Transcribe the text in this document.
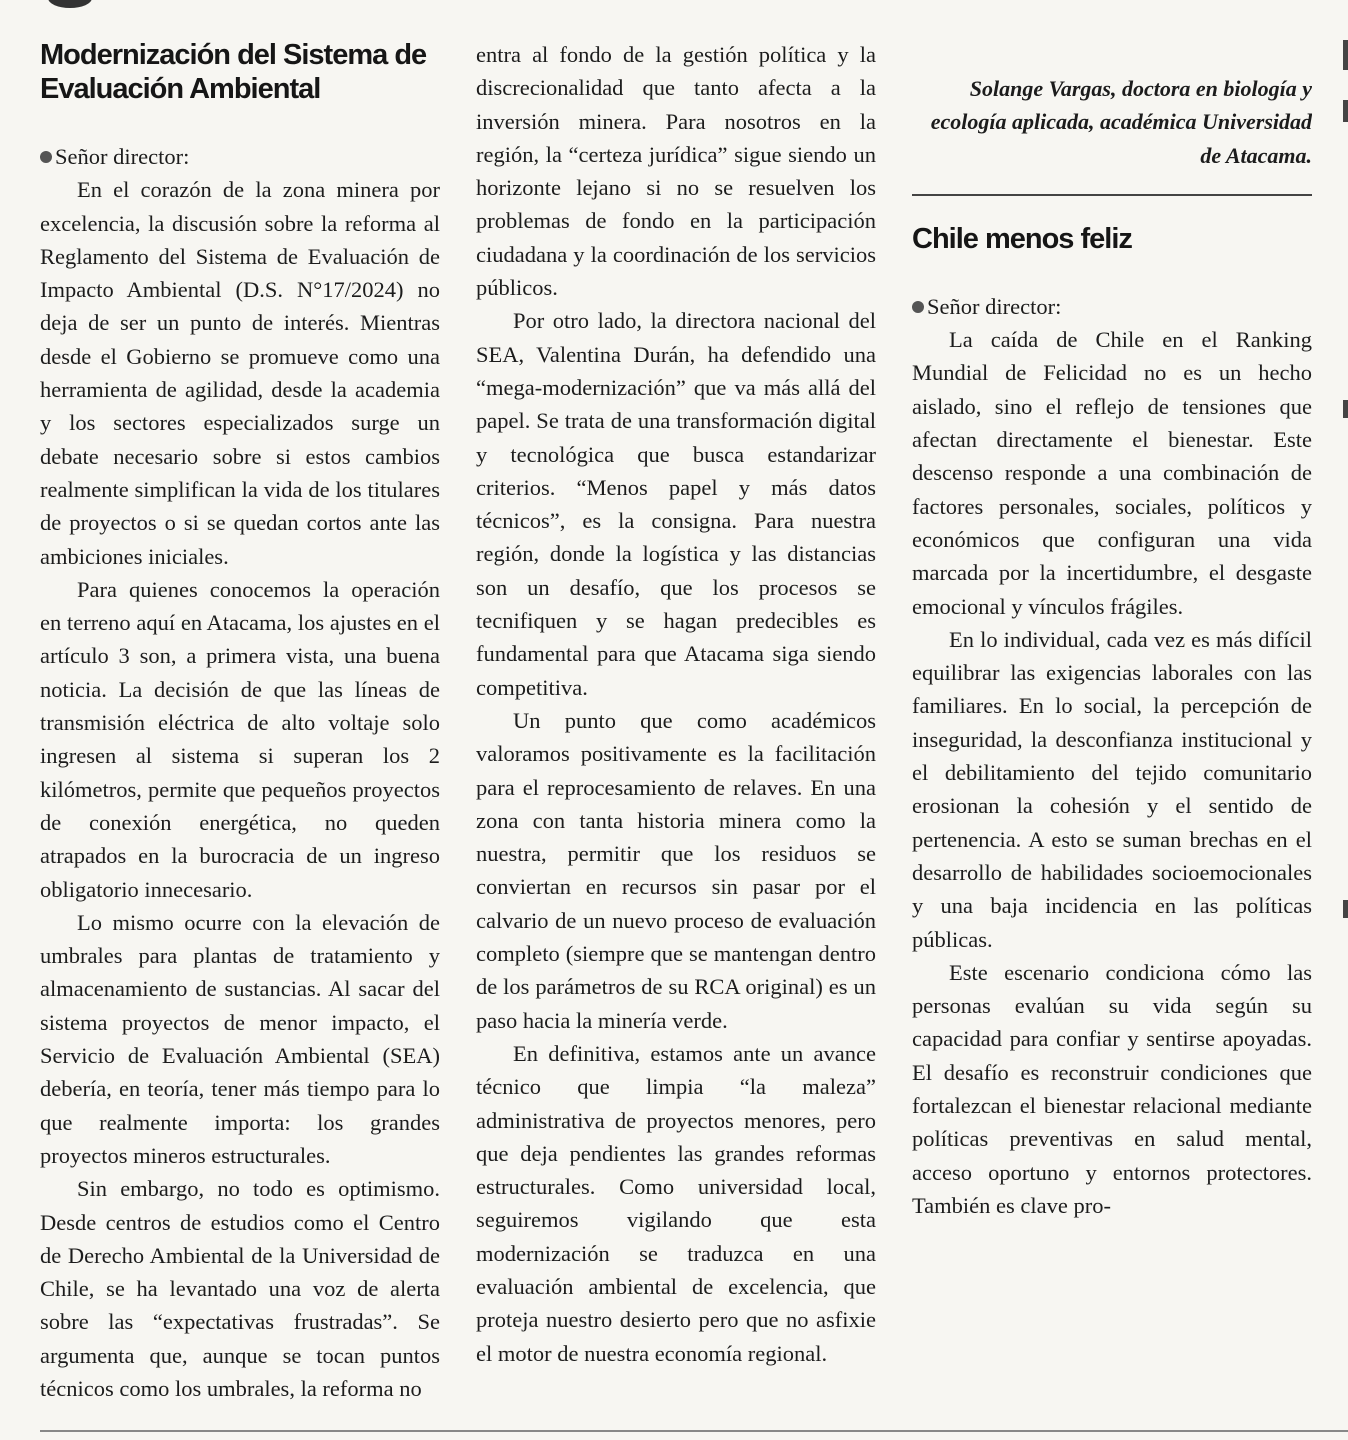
Modernización del Sistema de Evaluación Ambiental

Señor director:

En el corazón de la zona minera por excelencia, la discusión sobre la reforma al Reglamento del Sistema de Evaluación de Impacto Ambiental (D.S. N°17/2024) no deja de ser un punto de interés. Mientras desde el Gobierno se promueve como una herramienta de agilidad, desde la academia y los sectores especializados surge un debate necesario sobre si estos cambios realmente simplifican la vida de los titulares de proyectos o si se quedan cortos ante las ambiciones iniciales.

Para quienes conocemos la operación en terreno aquí en Atacama, los ajustes en el artículo 3 son, a primera vista, una buena noticia. La decisión de que las líneas de transmisión eléctrica de alto voltaje solo ingresen al sistema si superan los 2 kilómetros, permite que pequeños proyectos de conexión energética, no queden atrapados en la burocracia de un ingreso obligatorio innecesario.

Lo mismo ocurre con la elevación de umbrales para plantas de tratamiento y almacenamiento de sustancias. Al sacar del sistema proyectos de menor impacto, el Servicio de Evaluación Ambiental (SEA) debería, en teoría, tener más tiempo para lo que realmente importa: los grandes proyectos mineros estructurales.

Sin embargo, no todo es optimismo. Desde centros de estudios como el Centro de Derecho Ambiental de la Universidad de Chile, se ha levantado una voz de alerta sobre las “expectativas frustradas”. Se argumenta que, aunque se tocan puntos técnicos como los umbrales, la reforma no

entra al fondo de la gestión política y la discrecionalidad que tanto afecta a la inversión minera. Para nosotros en la región, la “certeza jurídica” sigue siendo un horizonte lejano si no se resuelven los problemas de fondo en la participación ciudadana y la coordinación de los servicios públicos.

Por otro lado, la directora nacional del SEA, Valentina Durán, ha defendido una “mega-modernización” que va más allá del papel. Se trata de una transformación digital y tecnológica que busca estandarizar criterios. “Menos papel y más datos técnicos”, es la consigna. Para nuestra región, donde la logística y las distancias son un desafío, que los procesos se tecnifiquen y se hagan predecibles es fundamental para que Atacama siga siendo competitiva.

Un punto que como académicos valoramos positivamente es la facilitación para el reprocesamiento de relaves. En una zona con tanta historia minera como la nuestra, permitir que los residuos se conviertan en recursos sin pasar por el calvario de un nuevo proceso de evaluación completo (siempre que se mantengan dentro de los parámetros de su RCA original) es un paso hacia la minería verde.

En definitiva, estamos ante un avance técnico que limpia “la maleza” administrativa de proyectos menores, pero que deja pendientes las grandes reformas estructurales. Como universidad local, seguiremos vigilando que esta modernización se traduzca en una evaluación ambiental de excelencia, que proteja nuestro desierto pero que no asfixie el motor de nuestra economía regional.

Solange Vargas, doctora en biología y ecología aplicada, académica Universidad de Atacama.

Chile menos feliz

Señor director:

La caída de Chile en el Ranking Mundial de Felicidad no es un hecho aislado, sino el reflejo de tensiones que afectan directamente el bienestar. Este descenso responde a una combinación de factores personales, sociales, políticos y económicos que configuran una vida marcada por la incertidumbre, el desgaste emocional y vínculos frágiles.

En lo individual, cada vez es más difícil equilibrar las exigencias laborales con las familiares. En lo social, la percepción de inseguridad, la desconfianza institucional y el debilitamiento del tejido comunitario erosionan la cohesión y el sentido de pertenencia. A esto se suman brechas en el desarrollo de habilidades socioemocionales y una baja incidencia en las políticas públicas.

Este escenario condiciona cómo las personas evalúan su vida según su capacidad para confiar y sentirse apoyadas. El desafío es reconstruir condiciones que fortalezcan el bienestar relacional mediante políticas preventivas en salud mental, acceso oportuno y entornos protectores. También es clave pro-
